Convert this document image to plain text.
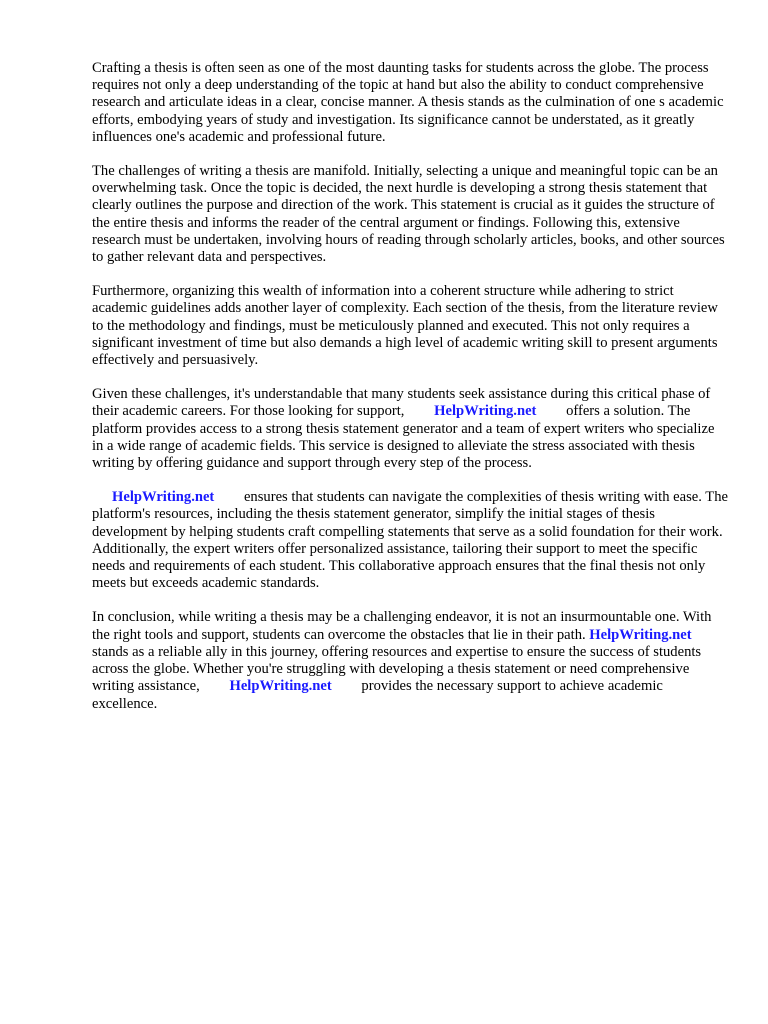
Crafting a thesis is often seen as one of the most daunting tasks for students across the globe. The process requires not only a deep understanding of the topic at hand but also the ability to conduct comprehensive research and articulate ideas in a clear, concise manner. A thesis stands as the culmination of one s academic efforts, embodying years of study and investigation. Its significance cannot be understated, as it greatly influences one's academic and professional future.

The challenges of writing a thesis are manifold. Initially, selecting a unique and meaningful topic can be an overwhelming task. Once the topic is decided, the next hurdle is developing a strong thesis statement that clearly outlines the purpose and direction of the work. This statement is crucial as it guides the structure of the entire thesis and informs the reader of the central argument or findings. Following this, extensive research must be undertaken, involving hours of reading through scholarly articles, books, and other sources to gather relevant data and perspectives.

Furthermore, organizing this wealth of information into a coherent structure while adhering to strict academic guidelines adds another layer of complexity. Each section of the thesis, from the literature review to the methodology and findings, must be meticulously planned and executed. This not only requires a significant investment of time but also demands a high level of academic writing skill to present arguments effectively and persuasively.

Given these challenges, it's understandable that many students seek assistance during this critical phase of their academic careers. For those looking for support, HelpWriting.net offers a solution. The platform provides access to a strong thesis statement generator and a team of expert writers who specialize in a wide range of academic fields. This service is designed to alleviate the stress associated with thesis writing by offering guidance and support through every step of the process.

HelpWriting.net ensures that students can navigate the complexities of thesis writing with ease. The platform's resources, including the thesis statement generator, simplify the initial stages of thesis development by helping students craft compelling statements that serve as a solid foundation for their work. Additionally, the expert writers offer personalized assistance, tailoring their support to meet the specific needs and requirements of each student. This collaborative approach ensures that the final thesis not only meets but exceeds academic standards.

In conclusion, while writing a thesis may be a challenging endeavor, it is not an insurmountable one. With the right tools and support, students can overcome the obstacles that lie in their path. HelpWriting.net stands as a reliable ally in this journey, offering resources and expertise to ensure the success of students across the globe. Whether you're struggling with developing a thesis statement or need comprehensive writing assistance, HelpWriting.net provides the necessary support to achieve academic excellence.
